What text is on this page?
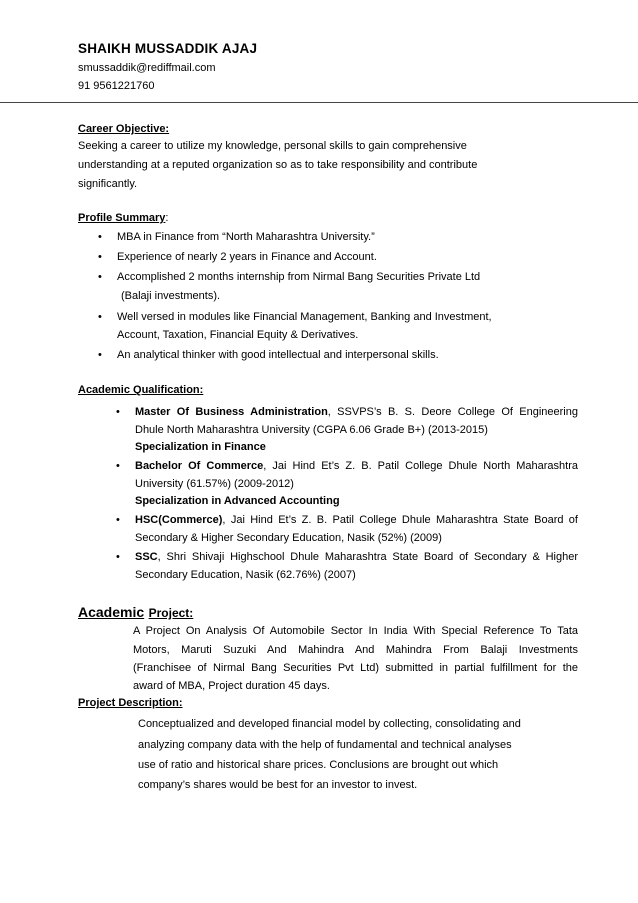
SHAIKH MUSSADDIK AJAJ
smussaddik@rediffmail.com
91 9561221760
Career Objective:
Seeking a career to utilize my knowledge, personal skills to gain comprehensive
understanding at a reputed organization so as to take responsibility and contribute
significantly.
Profile Summary:
• MBA in Finance from “North Maharashtra University.”
• Experience of nearly 2 years in Finance and Account.
• Accomplished 2 months internship from Nirmal Bang Securities Private Ltd
(Balaji investments).
• Well versed in modules like Financial Management, Banking and Investment,
Account, Taxation, Financial Equity & Derivatives.
• An analytical thinker with good intellectual and interpersonal skills.
Academic Qualification:
• Master Of Business Administration, SSVPS’s B. S. Deore College Of Engineering
Dhule North Maharashtra University (CGPA 6.06 Grade B+) (2013-2015)
Specialization in Finance
• Bachelor Of Commerce, Jai Hind Et’s Z. B. Patil College Dhule North Maharashtra
University (61.57%) (2009-2012)
Specialization in Advanced Accounting
• HSC(Commerce), Jai Hind Et’s Z. B. Patil College Dhule Maharashtra State Board of
Secondary & Higher Secondary Education, Nasik (52%) (2009)
• SSC, Shri Shivaji Highschool Dhule Maharashtra State Board of Secondary & Higher
Secondary Education, Nasik (62.76%) (2007)
Academic Project:
A Project On Analysis Of Automobile Sector In India With Special Reference To Tata
Motors, Maruti Suzuki And Mahindra And Mahindra From Balaji Investments
(Franchisee of Nirmal Bang Securities Pvt Ltd) submitted in partial fulfillment for the
award of MBA, Project duration 45 days.
Project Description:
Conceptualized and developed financial model by collecting, consolidating and
analyzing company data with the help of fundamental and technical analyses
use of ratio and historical share prices. Conclusions are brought out which
company’s shares would be best for an investor to invest.
